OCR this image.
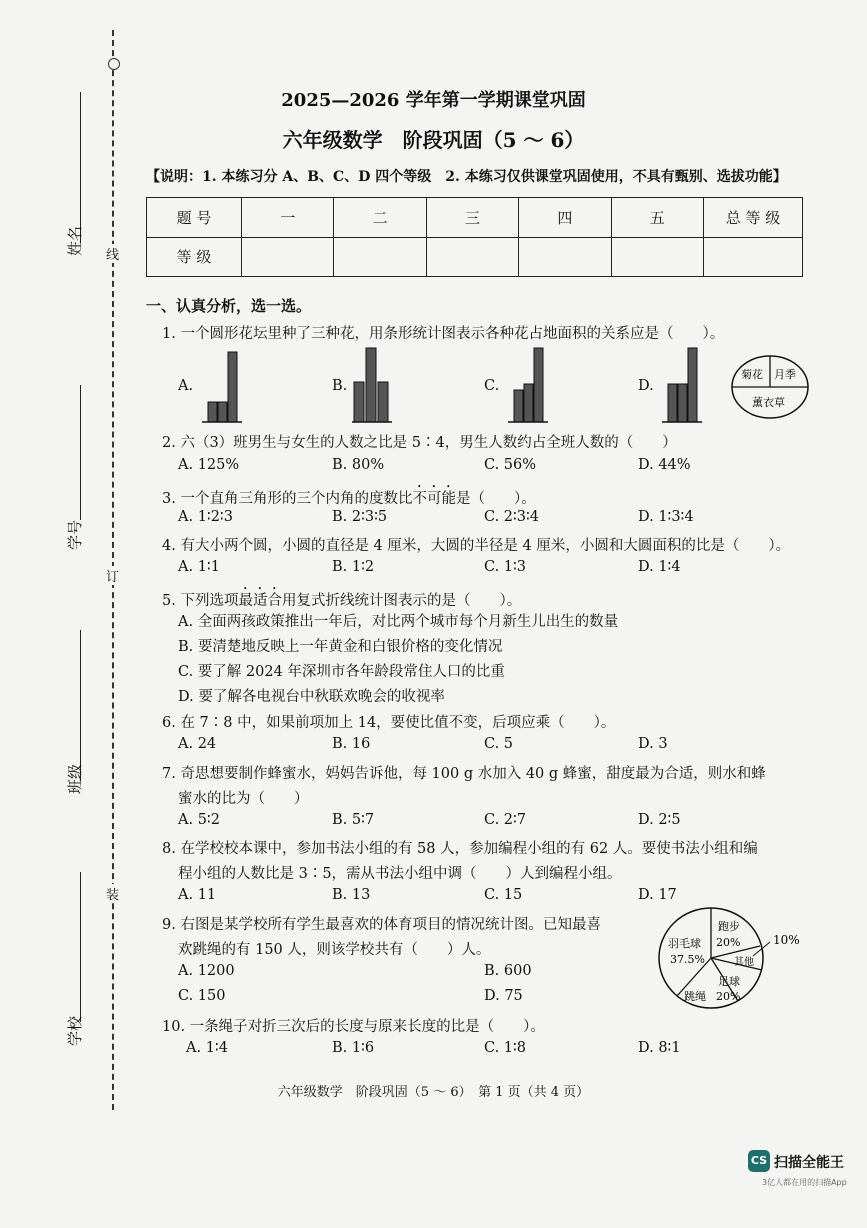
线
订
装
姓名
学号
班级
学校
2025—2026 学年第一学期课堂巩固
六年级数学　阶段巩固（5 ～ 6）
【说明：1. 本练习分 A、B、C、D 四个等级　2. 本练习仅供课堂巩固使用，不具有甄别、选拔功能】
题 号	一	二	三	四	五	总 等 级
等 级						
一、认真分析，选一选。
1. 一个圆形花坛里种了三种花，用条形统计图表示各种花占地面积的关系应是（　　）。
A.	B.	C.	D.
菊花 月季
薰衣草
2. 六（3）班男生与女生的人数之比是 5∶4，男生人数约占全班人数的（　　）
A. 125%	B. 80%	C. 56%	D. 44%
3. 一个直角三角形的三个内角的度数比不可能是（　　）。
A. 1∶2∶3	B. 2∶3∶5	C. 2∶3∶4	D. 1∶3∶4
4. 有大小两个圆，小圆的直径是 4 厘米，大圆的半径是 4 厘米，小圆和大圆面积的比是（　　）。
A. 1∶1	B. 1∶2	C. 1∶3	D. 1∶4
5. 下列选项最适合用复式折线统计图表示的是（　　）。
A. 全面两孩政策推出一年后，对比两个城市每个月新生儿出生的数量
B. 要清楚地反映上一年黄金和白银价格的变化情况
C. 要了解 2024 年深圳市各年龄段常住人口的比重
D. 要了解各电视台中秋联欢晚会的收视率
6. 在 7∶8 中，如果前项加上 14，要使比值不变，后项应乘（　　）。
A. 24	B. 16	C. 5	D. 3
7. 奇思想要制作蜂蜜水，妈妈告诉他，每 100 g 水加入 40 g 蜂蜜，甜度最为合适，则水和蜂
蜜水的比为（　　）
A. 5∶2	B. 5∶7	C. 2∶7	D. 2∶5
8. 在学校校本课中，参加书法小组的有 58 人，参加编程小组的有 62 人。要使书法小组和编
程小组的人数比是 3∶5，需从书法小组中调（　　）人到编程小组。
A. 11	B. 13	C. 15	D. 17
9. 右图是某学校所有学生最喜欢的体育项目的情况统计图。已知最喜
欢跳绳的有 150 人，则该学校共有（　　）人。
A. 1200	B. 600
C. 150	D. 75
羽毛球
37.5%
跑步
20%
其他
10%
足球
20%
跳绳
10. 一条绳子对折三次后的长度与原来长度的比是（　　）。
A. 1∶4	B. 1∶6	C. 1∶8	D. 8∶1
六年级数学　阶段巩固（5 ～ 6）　第 1 页（共 4 页）
CS 扫描全能王
3亿人都在用的扫描App
